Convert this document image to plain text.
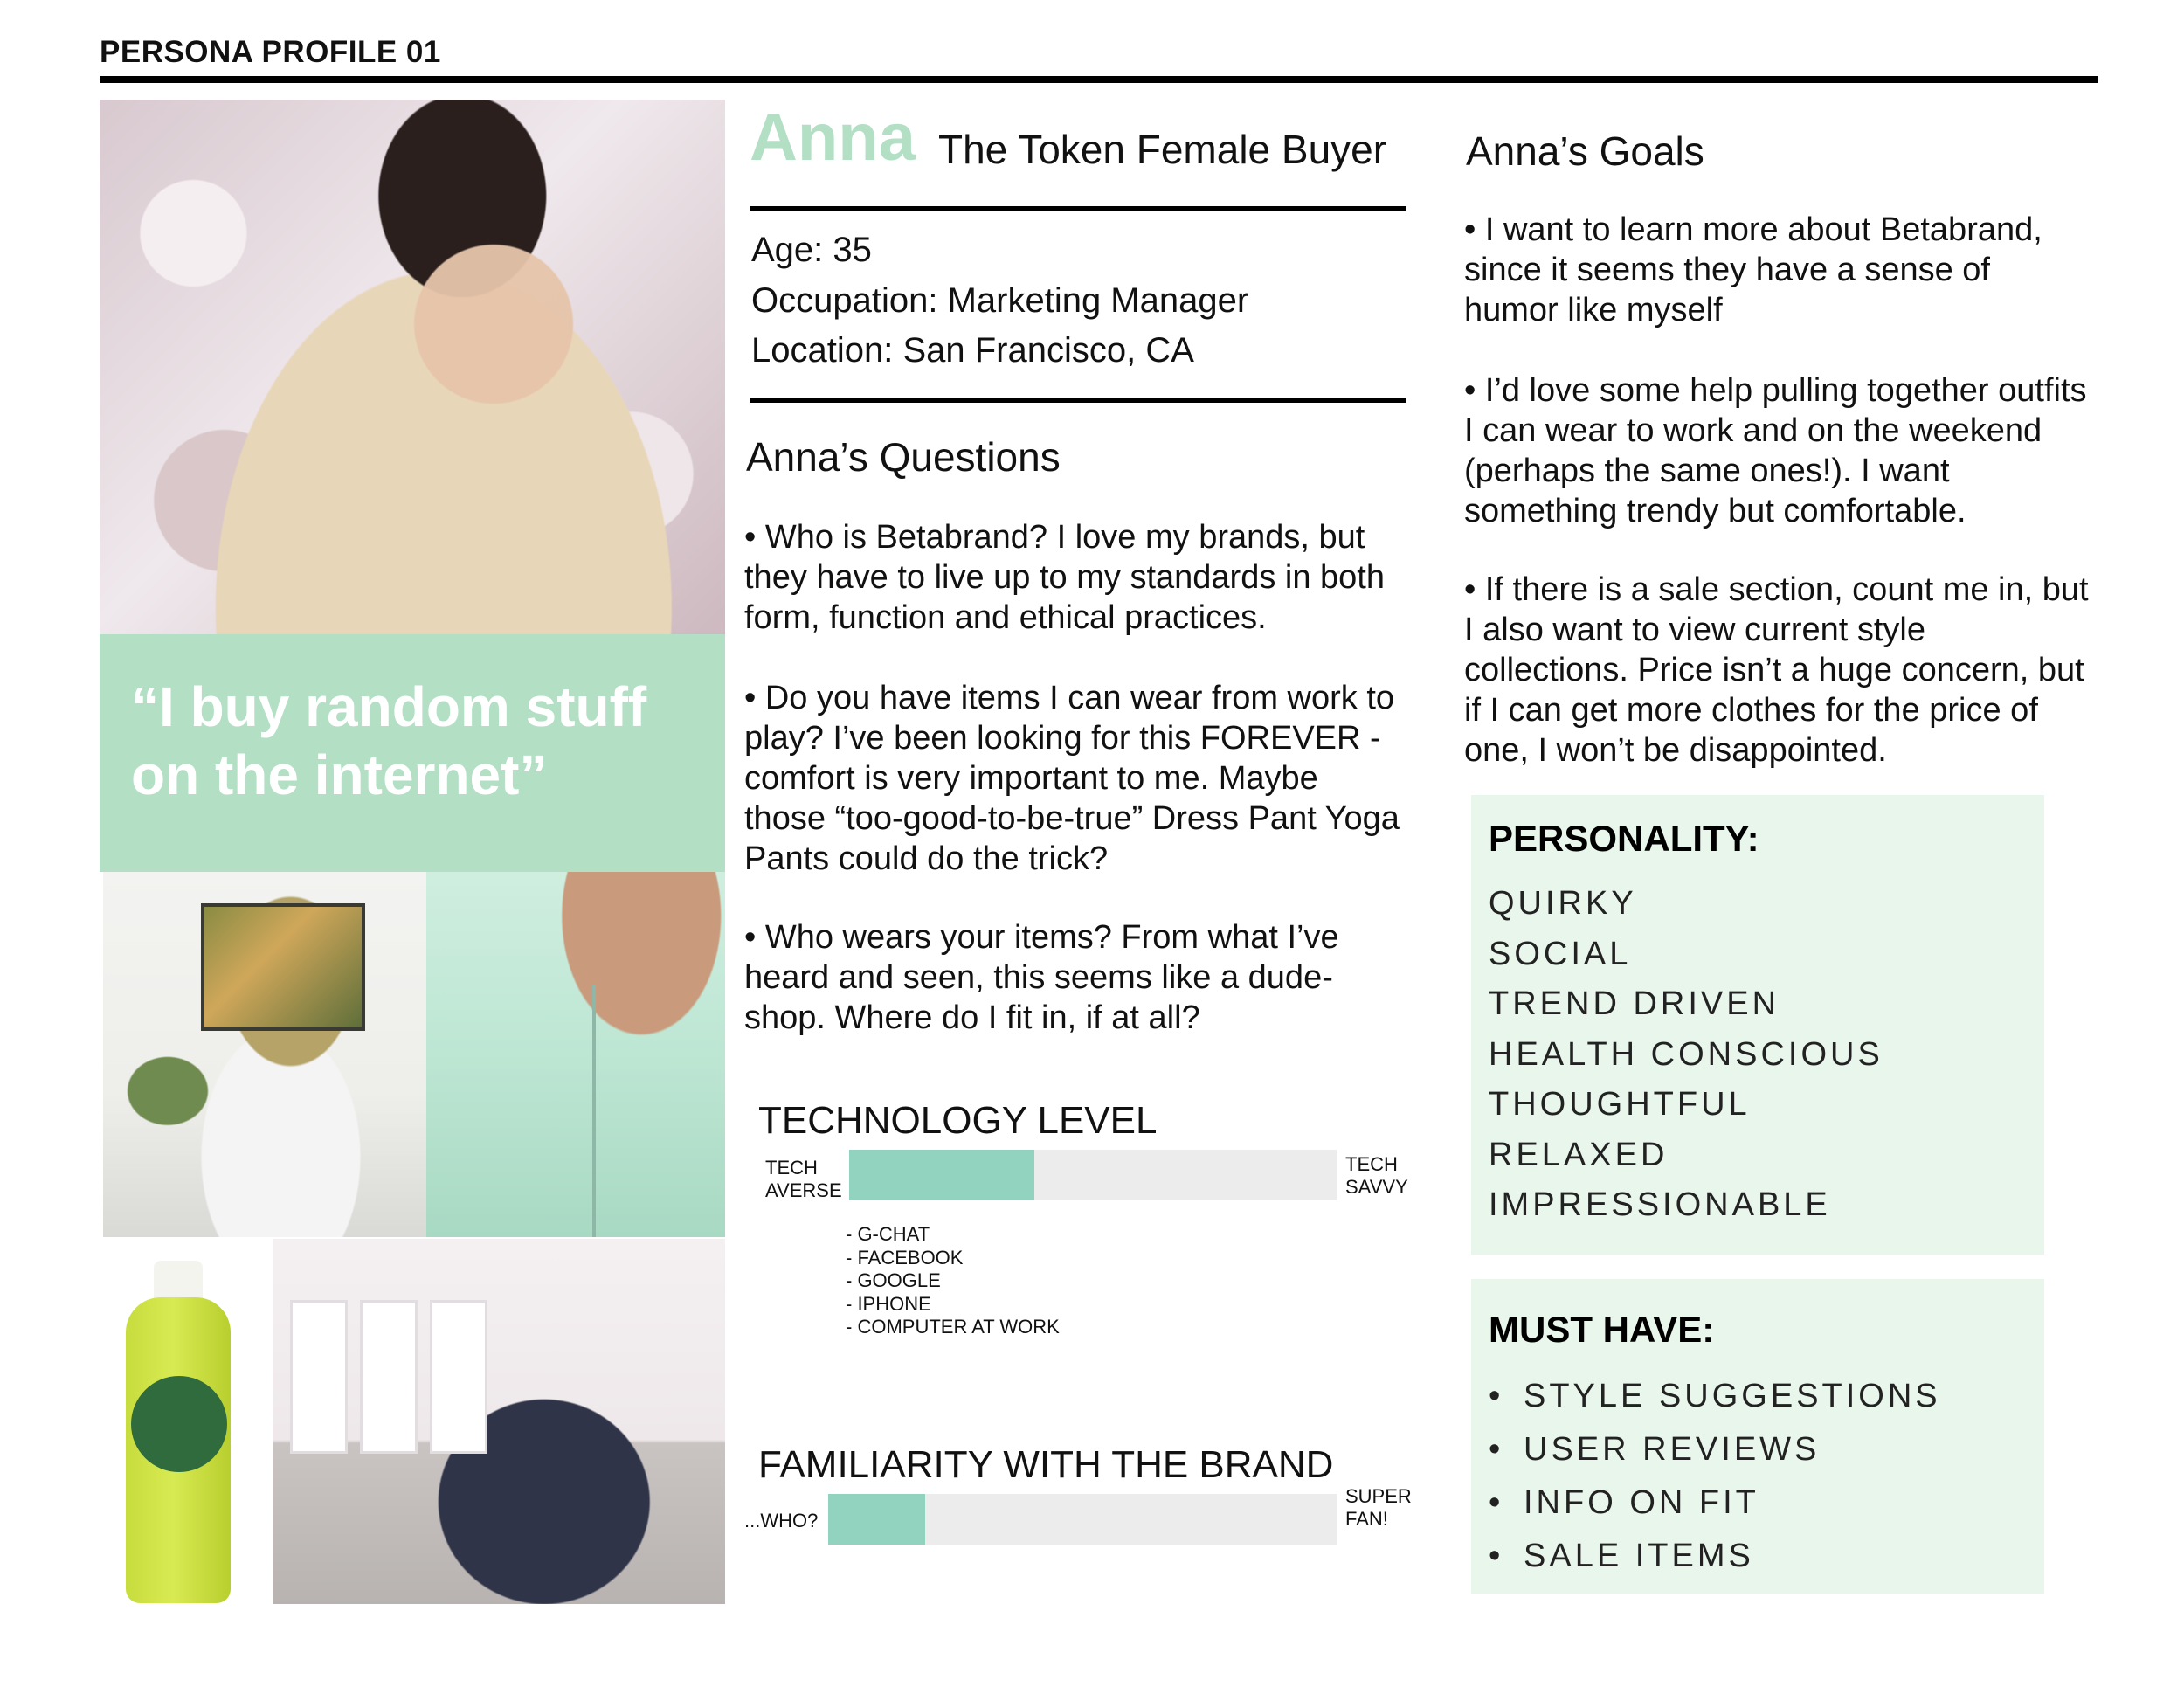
PERSONA PROFILE 01
“I buy random stuff on the internet”
Anna The Token Female Buyer
Age: 35
Occupation: Marketing Manager
Location: San Francisco, CA
Anna’s Questions
• Who is Betabrand? I love my brands, but they have to live up to my standards in both form, function and ethical practices.
• Do you have items I can wear from work to play? I’ve been looking for this FOREVER - comfort is very important to me. Maybe those “too-good-to-be-true” Dress Pant Yoga Pants could do the trick?
• Who wears your items? From what I’ve heard and seen, this seems like a dude-shop. Where do I fit in, if at all?
TECHNOLOGY LEVEL
TECH AVERSE
TECH SAVVY
- G-CHAT
- FACEBOOK
- GOOGLE
- IPHONE
- COMPUTER AT WORK
FAMILIARITY WITH THE BRAND
...WHO?
SUPER FAN!
Anna’s Goals
• I want to learn more about Betabrand, since it seems they have a sense of humor like myself
• I’d love some help pulling together outfits I can wear to work and on the weekend (perhaps the same ones!). I want something trendy but comfortable.
• If there is a sale section, count me in, but I also want to view current style collections. Price isn’t a huge concern, but if I can get more clothes for the price of one, I won’t be disappointed.
PERSONALITY:
QUIRKY
SOCIAL
TREND DRIVEN
HEALTH CONSCIOUS
THOUGHTFUL
RELAXED
IMPRESSIONABLE
MUST HAVE:
• STYLE SUGGESTIONS
• USER REVIEWS
• INFO ON FIT
• SALE ITEMS
